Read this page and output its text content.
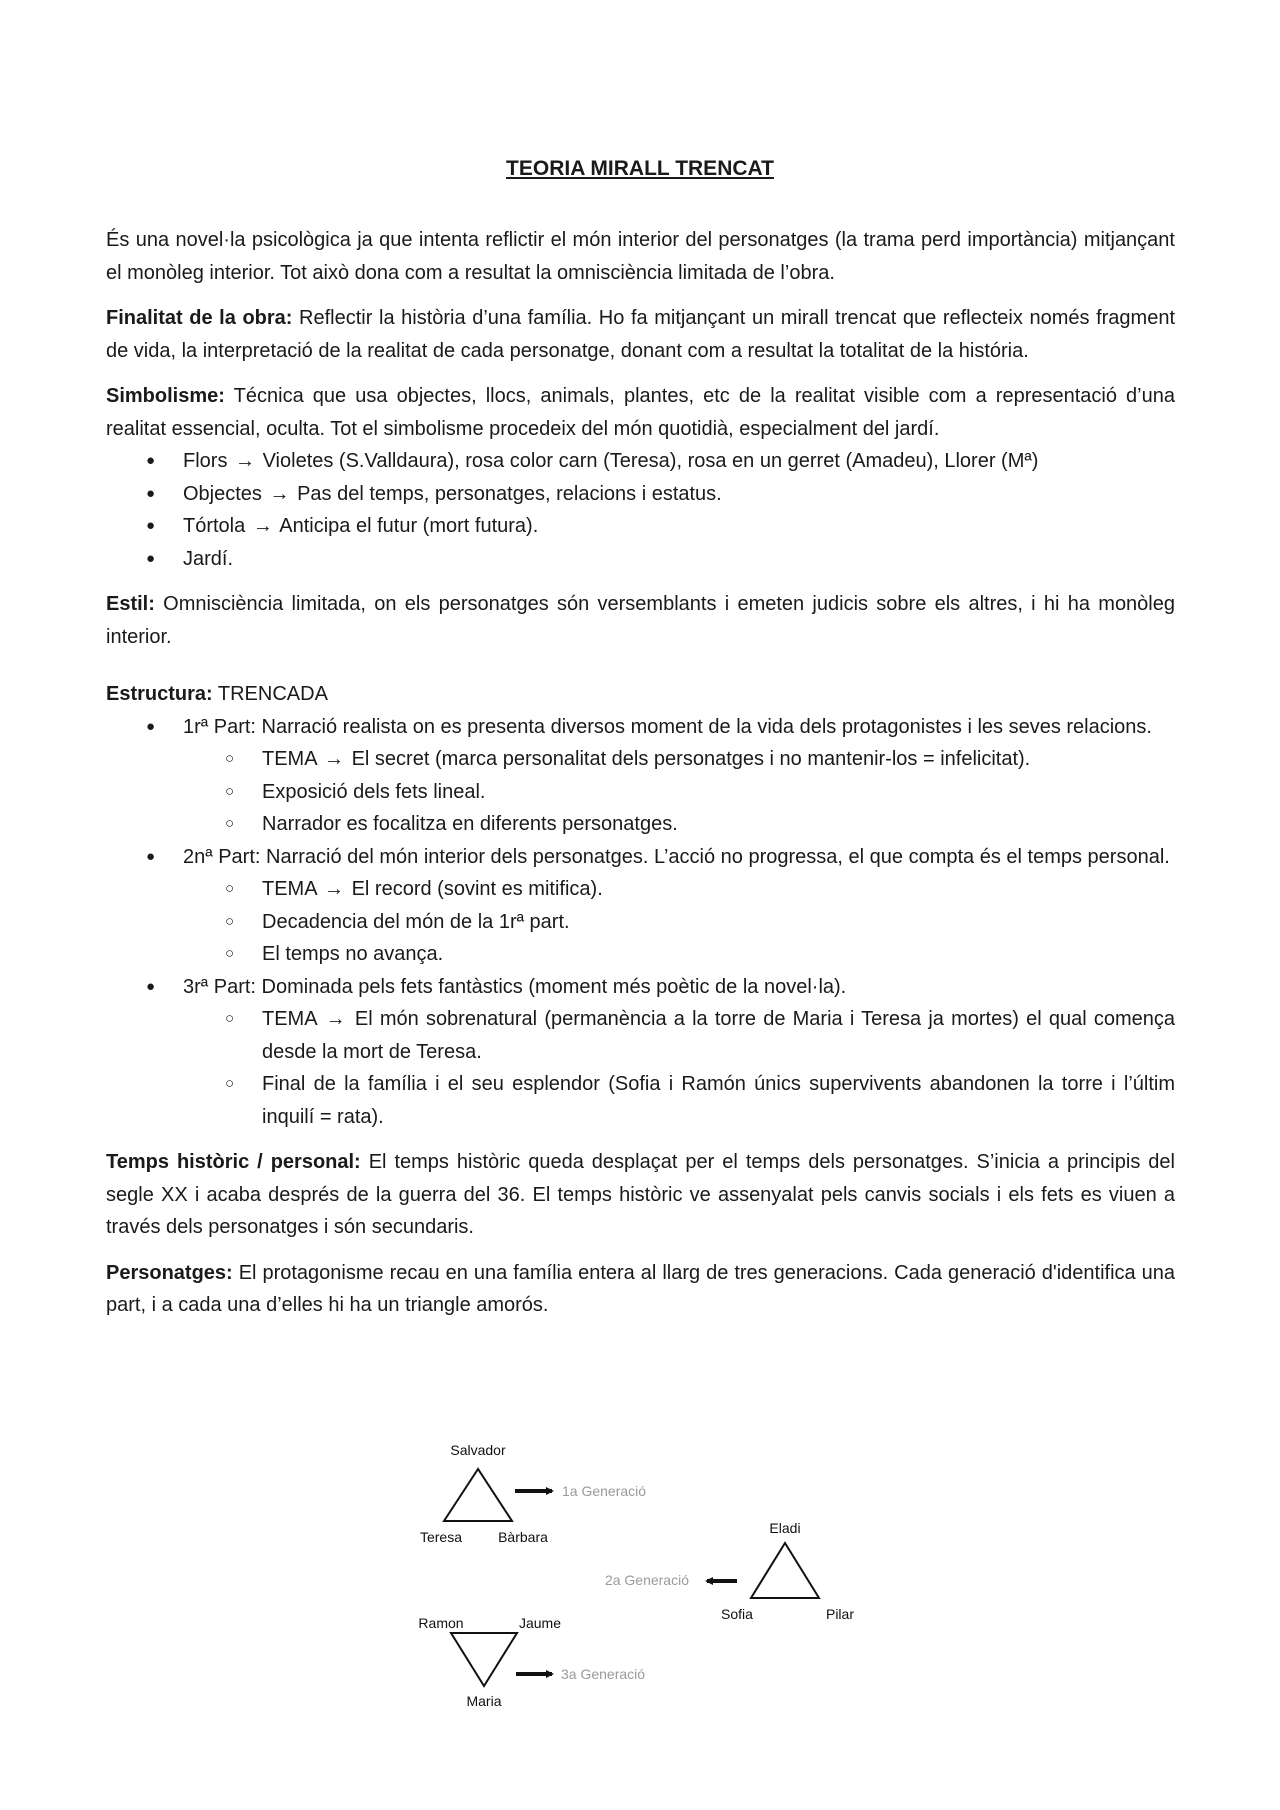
TEORIA MIRALL TRENCAT

És una novel·la psicològica ja que intenta reflictir el món interior del personatges (la trama perd importància) mitjançant el monòleg interior. Tot això dona com a resultat la omnisciència limitada de l’obra.

Finalitat de la obra: Reflectir la història d’una família. Ho fa mitjançant un mirall trencat que reflecteix només fragment de vida, la interpretació de la realitat de cada personatge, donant com a resultat la totalitat de la história.

Simbolisme: Técnica que usa objectes, llocs, animals, plantes, etc de la realitat visible com a representació d’una realitat essencial, oculta. Tot el simbolisme procedeix del món quotidià, especialment del jardí.

● Flors → Violetes (S.Valldaura), rosa color carn (Teresa), rosa en un gerret (Amadeu), Llorer (Mª)
● Objectes → Pas del temps, personatges, relacions i estatus.
● Tórtola → Anticipa el futur (mort futura).
● Jardí.

Estil: Omnisciència limitada, on els personatges són versemblants i emeten judicis sobre els altres, i hi ha monòleg interior.

Estructura: TRENCADA

● 1rª Part: Narració realista on es presenta diversos moment de la vida dels protagonistes i les seves relacions.
○ TEMA → El secret (marca personalitat dels personatges i no mantenir-los = infelicitat).
○ Exposició dels fets lineal.
○ Narrador es focalitza en diferents personatges.
● 2nª Part: Narració del món interior dels personatges. L’acció no progressa, el que compta és el temps personal.
○ TEMA → El record (sovint es mitifica).
○ Decadencia del món de la 1rª part.
○ El temps no avança.
● 3rª Part: Dominada pels fets fantàstics (moment més poètic de la novel·la).
○ TEMA → El món sobrenatural (permanència a la torre de Maria i Teresa ja mortes) el qual comença desde la mort de Teresa.
○ Final de la família i el seu esplendor (Sofia i Ramón únics supervivents abandonen la torre i l’últim inquilí = rata).

Temps històric / personal: El temps històric queda desplaçat per el temps dels personatges. S’inicia a principis del segle XX i acaba després de la guerra del 36. El temps històric ve assenyalat pels canvis socials i els fets es viuen a través dels personatges i són secundaris.

Personatges: El protagonisme recau en una família entera al llarg de tres generacions. Cada generació d'identifica una part, i a cada una d’elles hi ha un triangle amorós.

Salvador
Teresa	Bàrbara
1a Generació
Eladi
Sofia	Pilar
2a Generació
Ramon	Jaume
Maria
3a Generació
